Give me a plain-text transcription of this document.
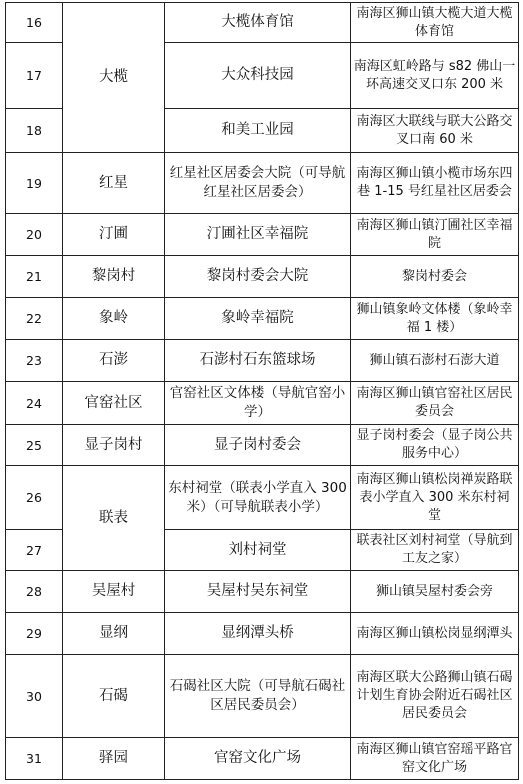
16	大榄	大榄体育馆	南海区狮山镇大榄大道大榄体育馆
17		大众科技园	南海区虹岭路与 s82 佛山一环高速交叉口东 200 米
18		和美工业园	南海区大联线与联大公路交叉口南 60 米
19	红星	红星社区居委会大院（可导航红星社区居委会）	南海区狮山镇小榄市场东四巷 1-15 号红星社区居委会
20	汀圃	汀圃社区幸福院	南海区狮山镇汀圃社区幸福院
21	黎岗村	黎岗村委会大院	黎岗村委会
22	象岭	象岭幸福院	狮山镇象岭文体楼（象岭幸福 1 楼）
23	石澎	石澎村石东篮球场	狮山镇石澎村石澎大道
24	官窑社区	官窑社区文体楼（导航官窑小学）	南海区狮山镇官窑社区居民委员会
25	显子岗村	显子岗村委会	显子岗村委会（显子岗公共服务中心）
26	联表	东村祠堂（联表小学直入 300 米）（可导航联表小学）	南海区狮山镇松岗禅炭路联表小学直入 300 米东村祠堂
27		刘村祠堂	联表社区刘村祠堂（导航到工友之家）
28	吴屋村	吴屋村吴东祠堂	狮山镇吴屋村委会旁
29	显纲	显纲潭头桥	南海区狮山镇松岗显纲潭头
30	石碣	石碣社区大院（可导航石碣社区居民委员会）	南海区联大公路狮山镇石碣计划生育协会附近石碣社区居民委员会
31	驿园	官窑文化广场	南海区狮山镇官窑瑶平路官窑文化广场
